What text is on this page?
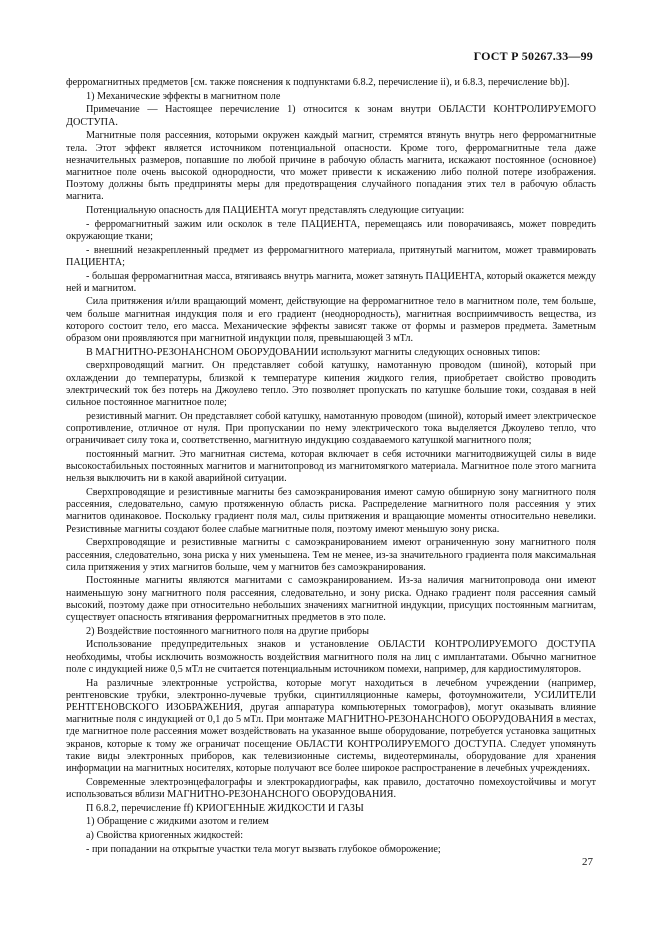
ГОСТ Р 50267.33—99

ферромагнитных предметов [см. также пояснения к подпунктами 6.8.2, перечисление ii), и 6.8.3, перечисление bb)].

1) Механические эффекты в магнитном поле

Примечание — Настоящее перечисление 1) относится к зонам внутри ОБЛАСТИ КОНТРОЛИРУЕМОГО ДОСТУПА.

Магнитные поля рассеяния, которыми окружен каждый магнит, стремятся втянуть внутрь него ферромагнитные тела. Этот эффект является источником потенциальной опасности. Кроме того, ферромагнитные тела даже незначительных размеров, попавшие по любой причине в рабочую область магнита, искажают постоянное (основное) магнитное поле очень высокой однородности, что может привести к искажению либо полной потере изображения. Поэтому должны быть предприняты меры для предотвращения случайного попадания этих тел в рабочую область магнита.

Потенциальную опасность для ПАЦИЕНТА могут представлять следующие ситуации:

- ферромагнитный зажим или осколок в теле ПАЦИЕНТА, перемещаясь или поворачиваясь, может повредить окружающие ткани;

- внешний незакрепленный предмет из ферромагнитного материала, притянутый магнитом, может травмировать ПАЦИЕНТА;

- большая ферромагнитная масса, втягиваясь внутрь магнита, может затянуть ПАЦИЕНТА, который окажется между ней и магнитом.

Сила притяжения и/или вращающий момент, действующие на ферромагнитное тело в магнитном поле, тем больше, чем больше магнитная индукция поля и его градиент (неоднородность), магнитная восприимчивость вещества, из которого состоит тело, его масса. Механические эффекты зависят также от формы и размеров предмета. Заметным образом они проявляются при магнитной индукции поля, превышающей 3 мТл.

В МАГНИТНО-РЕЗОНАНСНОМ ОБОРУДОВАНИИ используют магниты следующих основных типов:

сверхпроводящий магнит. Он представляет собой катушку, намотанную проводом (шиной), который при охлаждении до температуры, близкой к температуре кипения жидкого гелия, приобретает свойство проводить электрический ток без потерь на Джоулево тепло. Это позволяет пропускать по катушке большие токи, создавая в ней сильное постоянное магнитное поле;

резистивный магнит. Он представляет собой катушку, намотанную проводом (шиной), который имеет электрическое сопротивление, отличное от нуля. При пропускании по нему электрического тока выделяется Джоулево тепло, что ограничивает силу тока и, соответственно, магнитную индукцию создаваемого катушкой магнитного поля;

постоянный магнит. Это магнитная система, которая включает в себя источники магнитодвижущей силы в виде высокостабильных постоянных магнитов и магнитопровод из магнитомягкого материала. Магнитное поле этого магнита нельзя выключить ни в какой аварийной ситуации.

Сверхпроводящие и резистивные магниты без самоэкранирования имеют самую обширную зону магнитного поля рассеяния, следовательно, самую протяженную область риска. Распределение магнитного поля рассеяния у этих магнитов одинаковое. Поскольку градиент поля мал, силы притяжения и вращающие моменты относительно невелики. Резистивные магниты создают более слабые магнитные поля, поэтому имеют меньшую зону риска.

Сверхпроводящие и резистивные магниты с самоэкранированием имеют ограниченную зону магнитного поля рассеяния, следовательно, зона риска у них уменьшена. Тем не менее, из-за значительного градиента поля максимальная сила притяжения у этих магнитов больше, чем у магнитов без самоэкранирования.

Постоянные магниты являются магнитами с самоэкранированием. Из-за наличия магнитопровода они имеют наименьшую зону магнитного поля рассеяния, следовательно, и зону риска. Однако градиент поля рассеяния самый высокий, поэтому даже при относительно небольших значениях магнитной индукции, присущих постоянным магнитам, существует опасность втягивания ферромагнитных предметов в это поле.

2) Воздействие постоянного магнитного поля на другие приборы

Использование предупредительных знаков и установление ОБЛАСТИ КОНТРОЛИРУЕМОГО ДОСТУПА необходимы, чтобы исключить возможность воздействия магнитного поля на лиц с имплантатами. Обычно магнитное поле с индукцией ниже 0,5 мТл не считается потенциальным источником помехи, например, для кардиостимуляторов.

На различные электронные устройства, которые могут находиться в лечебном учреждении (например, рентгеновские трубки, электронно-лучевые трубки, сцинтилляционные камеры, фотоумножители, УСИЛИТЕЛИ РЕНТГЕНОВСКОГО ИЗОБРАЖЕНИЯ, другая аппаратура компьютерных томографов), могут оказывать влияние магнитные поля с индукцией от 0,1 до 5 мТл. При монтаже МАГНИТНО-РЕЗОНАНСНОГО ОБОРУДОВАНИЯ в местах, где магнитное поле рассеяния может воздействовать на указанное выше оборудование, потребуется установка защитных экранов, которые к тому же ограничат посещение ОБЛАСТИ КОНТРОЛИРУЕМОГО ДОСТУПА. Следует упомянуть такие виды электронных приборов, как телевизионные системы, видеотерминалы, оборудование для хранения информации на магнитных носителях, которые получают все более широкое распространение в лечебных учреждениях.

Современные электроэнцефалографы и электрокардиографы, как правило, достаточно помехоустойчивы и могут использоваться вблизи МАГНИТНО-РЕЗОНАНСНОГО ОБОРУДОВАНИЯ.

П 6.8.2, перечисление ff) КРИОГЕННЫЕ ЖИДКОСТИ И ГАЗЫ

1) Обращение с жидкими азотом и гелием

а) Свойства криогенных жидкостей:

- при попадании на открытые участки тела могут вызвать глубокое обморожение;

27
